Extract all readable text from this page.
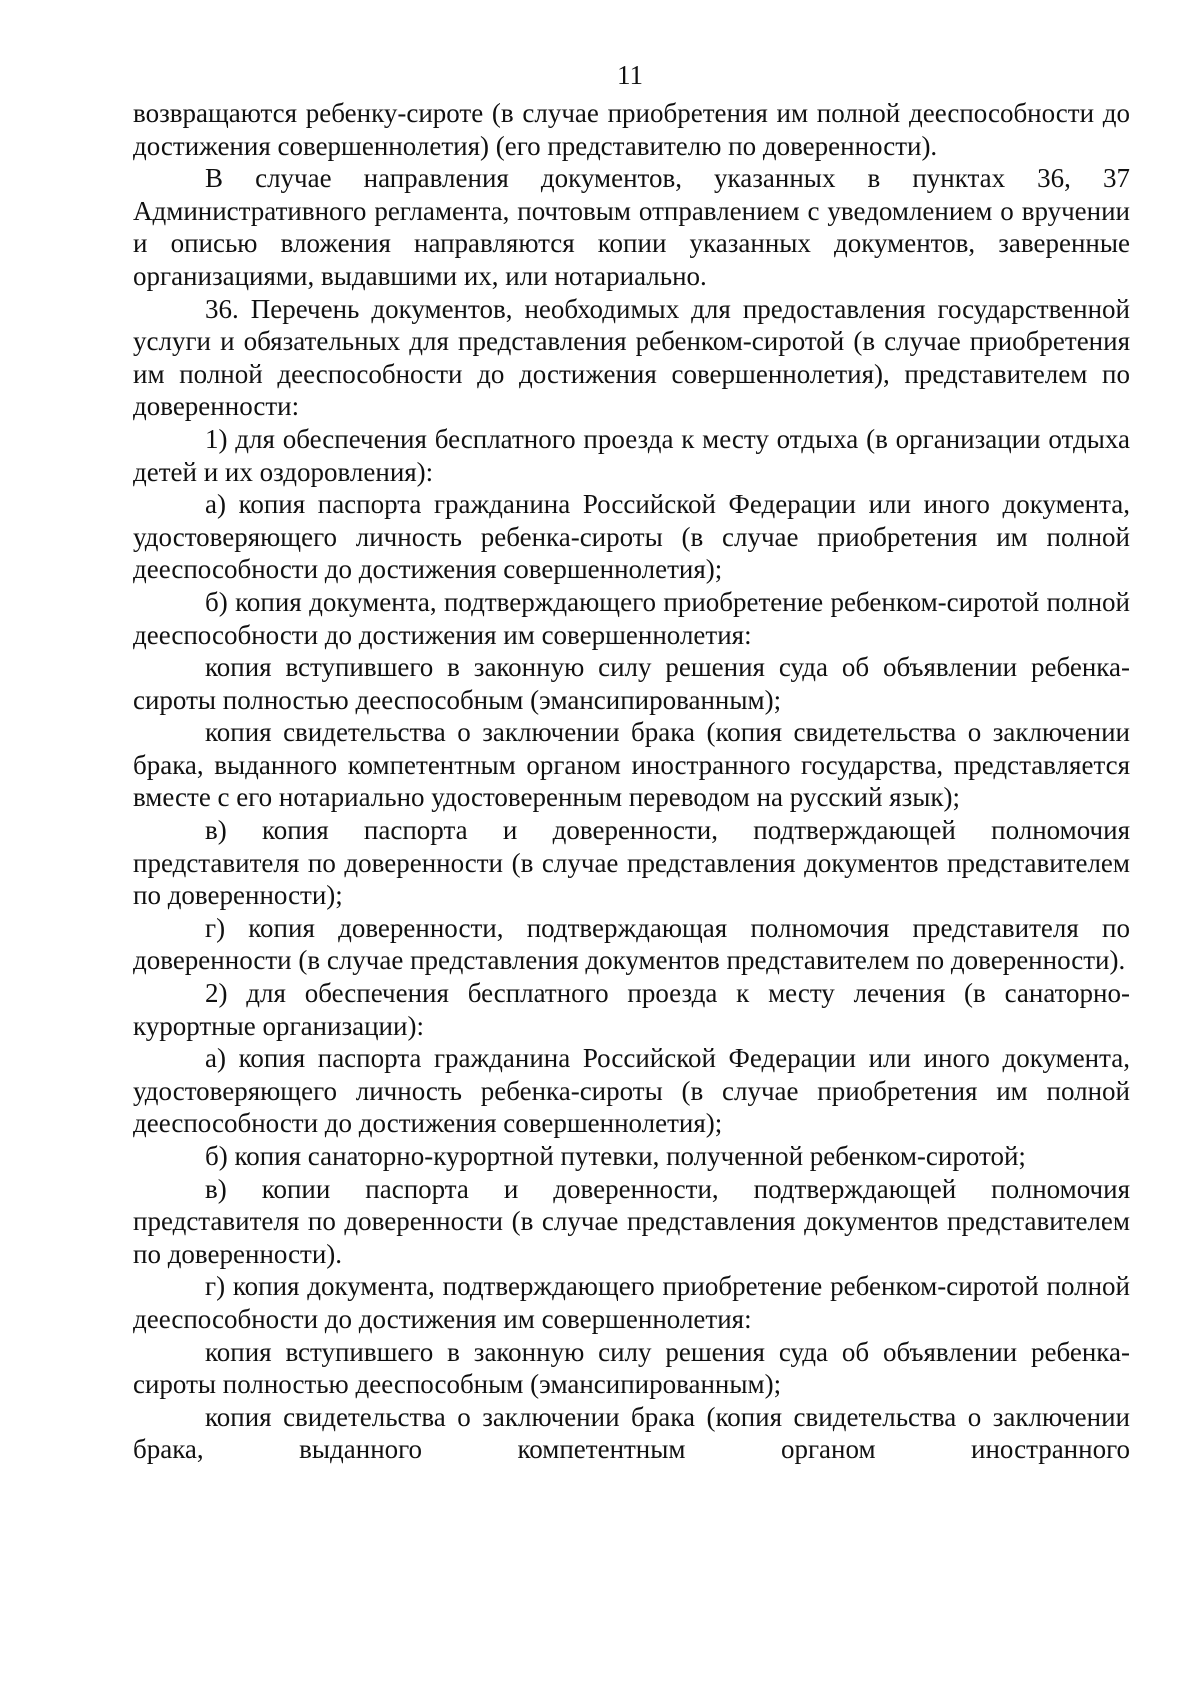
11

возвращаются ребенку-сироте (в случае приобретения им полной дееспособности до достижения совершеннолетия) (его представителю по доверенности).

В случае направления документов, указанных в пунктах 36, 37 Административного регламента, почтовым отправлением с уведомлением о вручении и описью вложения направляются копии указанных документов, заверенные организациями, выдавшими их, или нотариально.

36. Перечень документов, необходимых для предоставления государственной услуги и обязательных для представления ребенком-сиротой (в случае приобретения им полной дееспособности до достижения совершеннолетия), представителем по доверенности:

1) для обеспечения бесплатного проезда к месту отдыха (в организации отдыха детей и их оздоровления):

а) копия паспорта гражданина Российской Федерации или иного документа, удостоверяющего личность ребенка-сироты (в случае приобретения им полной дееспособности до достижения совершеннолетия);

б) копия документа, подтверждающего приобретение ребенком-сиротой полной дееспособности до достижения им совершеннолетия:

копия вступившего в законную силу решения суда об объявлении ребенка-сироты полностью дееспособным (эмансипированным);

копия свидетельства о заключении брака (копия свидетельства о заключении брака, выданного компетентным органом иностранного государства, представляется вместе с его нотариально удостоверенным переводом на русский язык);

в) копия паспорта и доверенности, подтверждающей полномочия представителя по доверенности (в случае представления документов представителем по доверенности);

г) копия доверенности, подтверждающая полномочия представителя по доверенности (в случае представления документов представителем по доверенности).

2) для обеспечения бесплатного проезда к месту лечения (в санаторно-курортные организации):

а) копия паспорта гражданина Российской Федерации или иного документа, удостоверяющего личность ребенка-сироты (в случае приобретения им полной дееспособности до достижения совершеннолетия);

б) копия санаторно-курортной путевки, полученной ребенком-сиротой;

в) копии паспорта и доверенности, подтверждающей полномочия представителя по доверенности (в случае представления документов представителем по доверенности).

г) копия документа, подтверждающего приобретение ребенком-сиротой полной дееспособности до достижения им совершеннолетия:

копия вступившего в законную силу решения суда об объявлении ребенка-сироты полностью дееспособным (эмансипированным);

копия свидетельства о заключении брака (копия свидетельства о заключении брака, выданного компетентным органом иностранного
